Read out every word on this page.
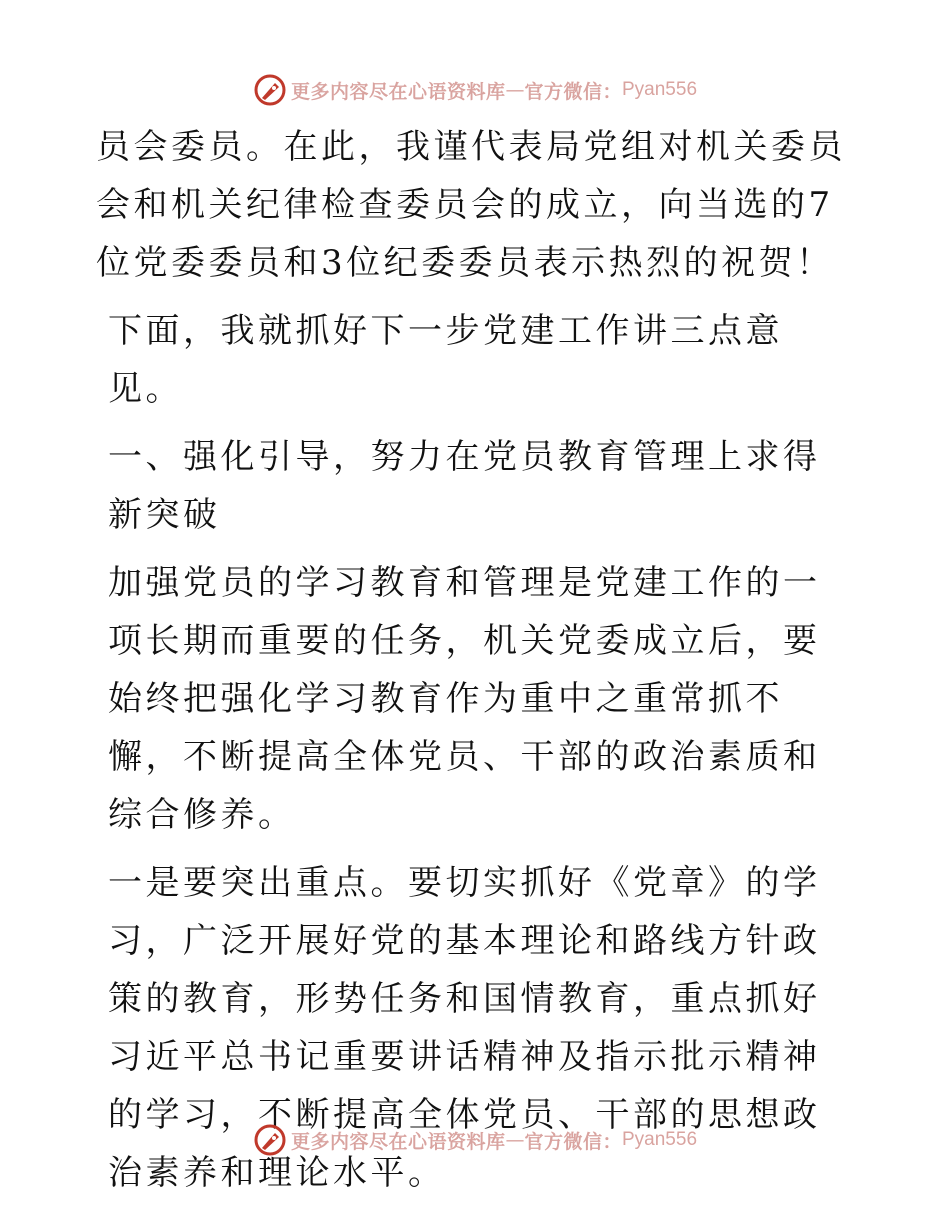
更多内容尽在心语资料库 — 官方微信： Pyan556

员会委员。在此，我谨代表局党组对机关委员会和机关纪律检查委员会的成立，向当选的7位党委委员和3位纪委委员表示热烈的祝贺！

下面，我就抓好下一步党建工作讲三点意见。

一、强化引导，努力在党员教育管理上求得新突破

加强党员的学习教育和管理是党建工作的一项长期而重要的任务，机关党委成立后，要始终把强化学习教育作为重中之重常抓不懈，不断提高全体党员、干部的政治素质和综合修养。

一是要突出重点。要切实抓好《党章》的学习，广泛开展好党的基本理论和路线方针政策的教育，形势任务和国情教育，重点抓好习近平总书记重要讲话精神及指示批示精神的学习，不断提高全体党员、干部的思想政治素养和理论水平。

更多内容尽在心语资料库 — 官方微信： Pyan556
